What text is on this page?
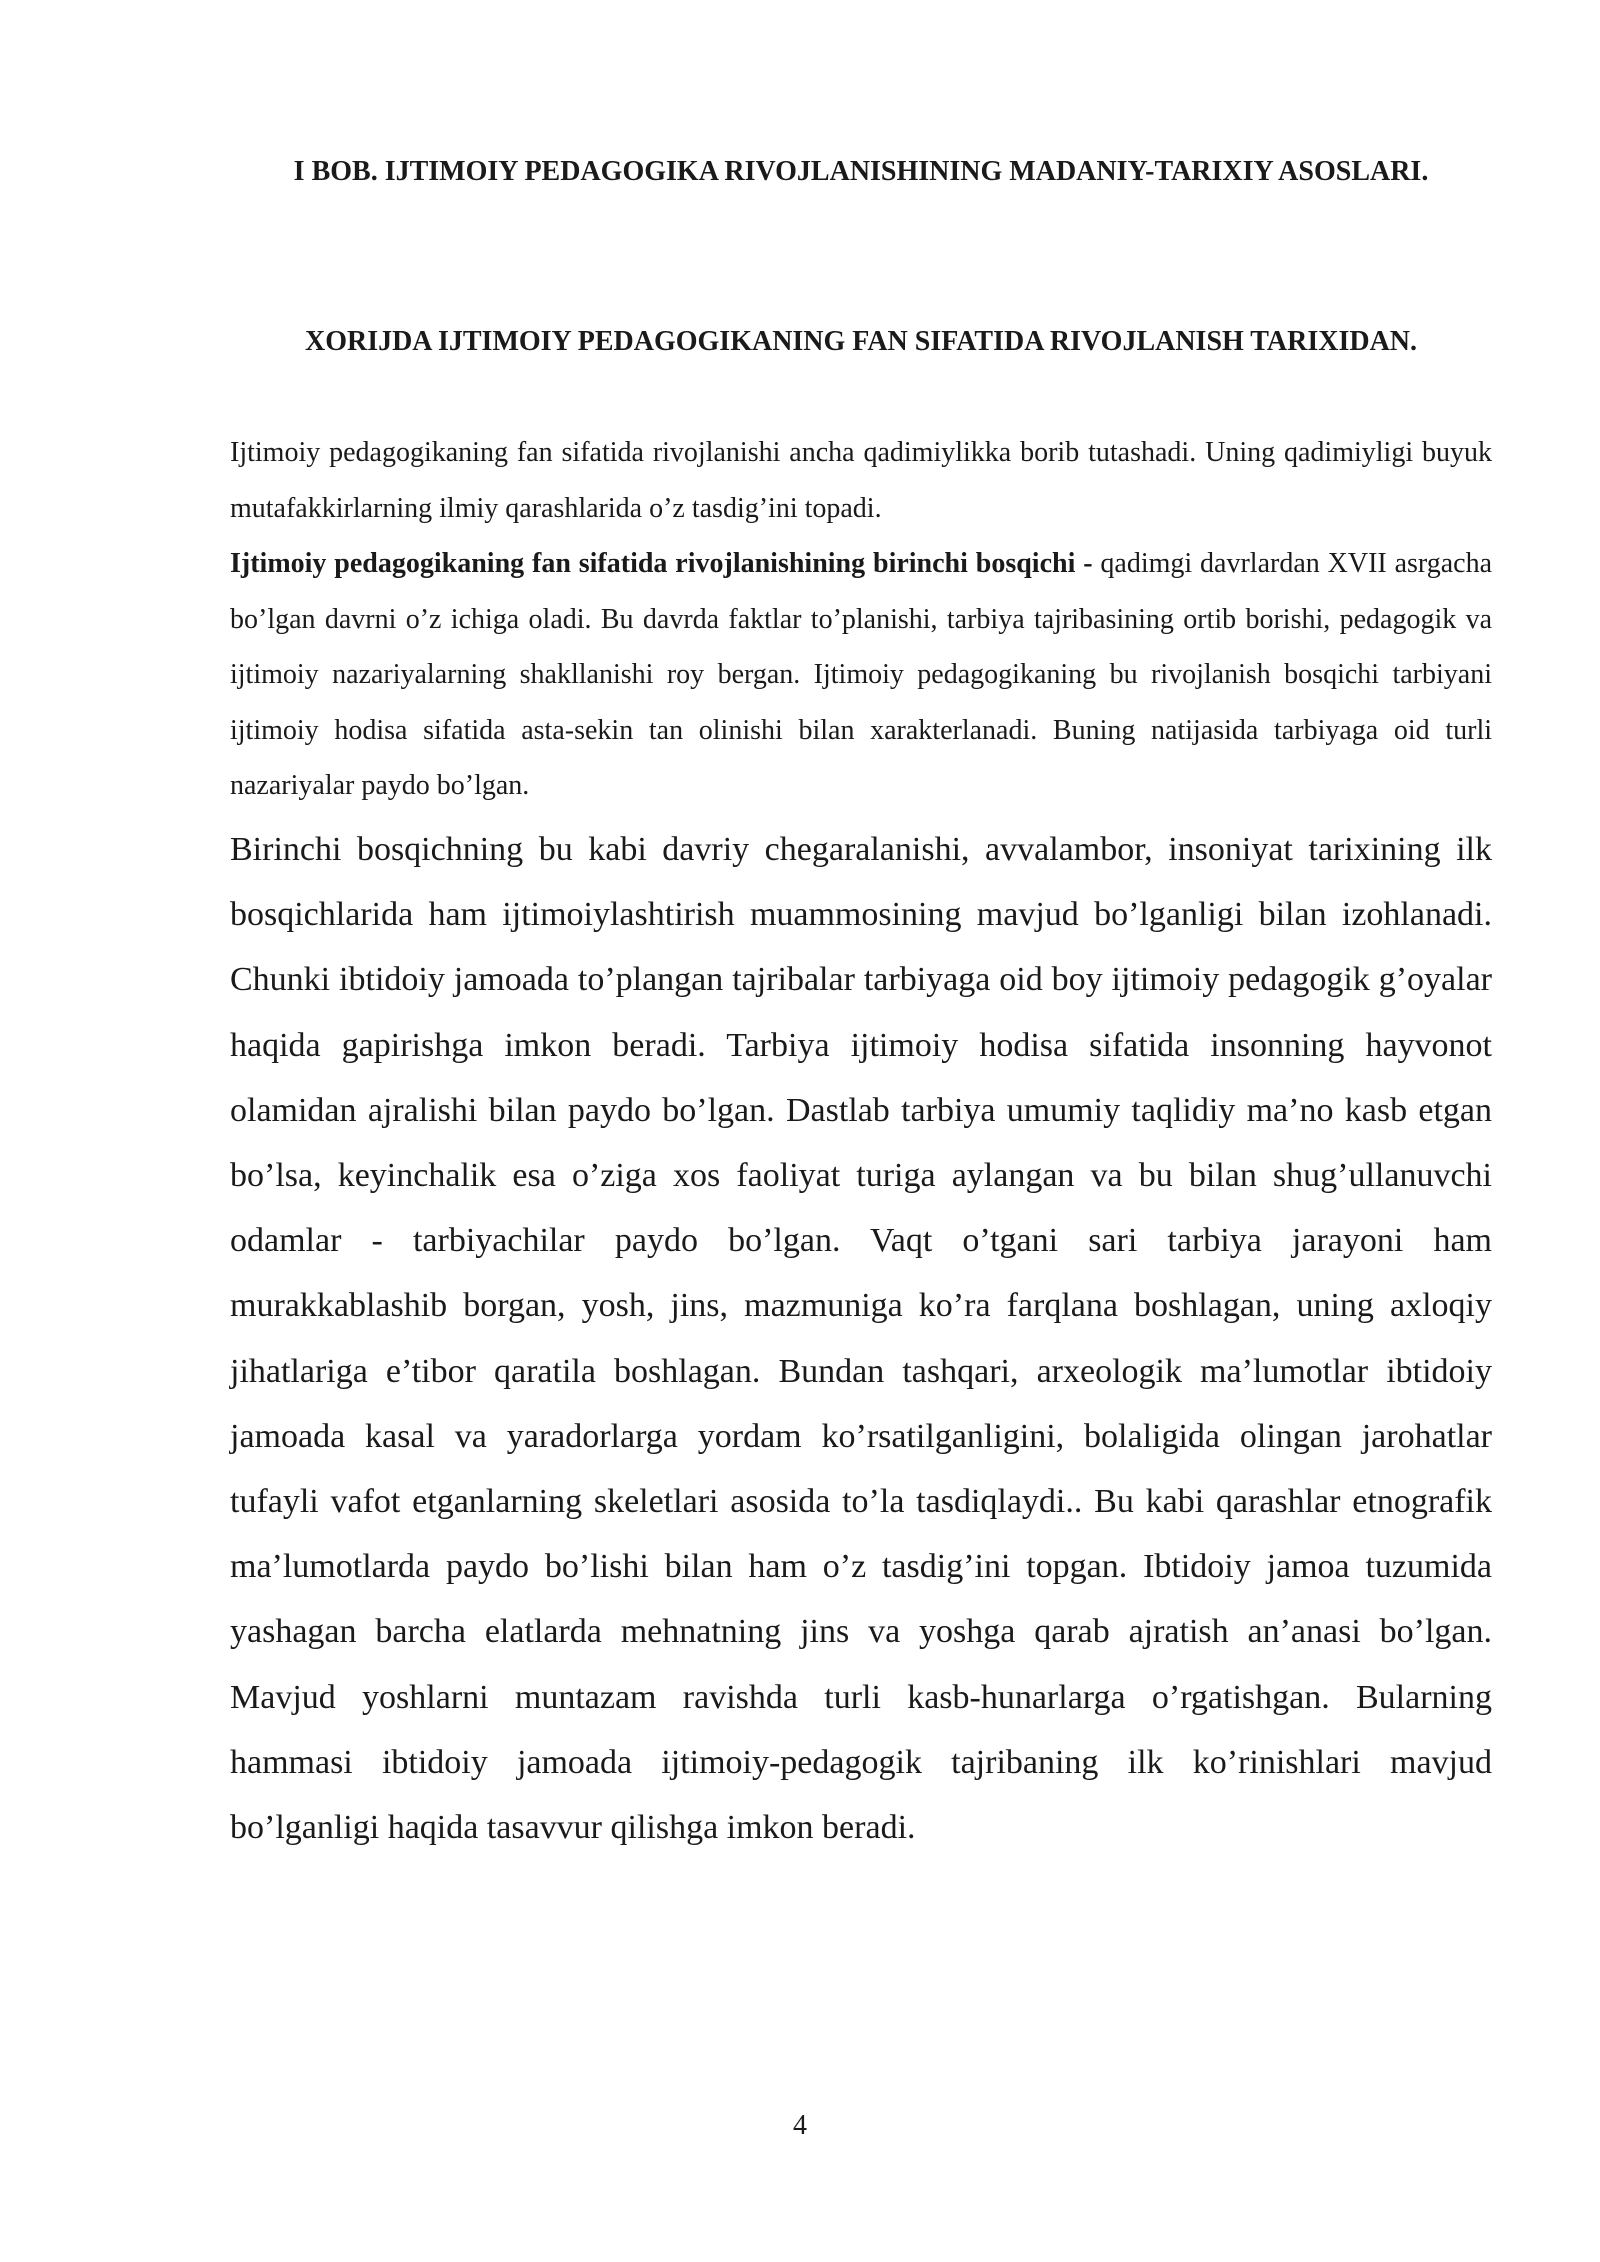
I BOB. IJTIMOIY PEDAGOGIKA RIVOJLANISHINING MADANIY-TARIXIY ASOSLARI.
XORIJDA IJTIMOIY PEDAGOGIKANING FAN SIFATIDA RIVOJLANISH TARIXIDAN.

Ijtimoiy pedagogikaning fan sifatida rivojlanishi ancha qadimiylikka borib tutashadi. Uning qadimiyligi buyuk mutafakkirlarning ilmiy qarashlarida o’z tasdig’ini topadi.

Ijtimoiy pedagogikaning fan sifatida rivojlanishining birinchi bosqichi - qadimgi davrlardan XVII asrgacha bo’lgan davrni o’z ichiga oladi. Bu davrda faktlar to’planishi, tarbiya tajribasining ortib borishi, pedagogik va ijtimoiy nazariyalarning shakllanishi roy bergan. Ijtimoiy pedagogikaning bu rivojlanish bosqichi tarbiyani ijtimoiy hodisa sifatida asta-sekin tan olinishi bilan xarakterlanadi. Buning natijasida tarbiyaga oid turli nazariyalar paydo bo’lgan.

Birinchi bosqichning bu kabi davriy chegaralanishi, avvalambor, insoniyat tarixining ilk bosqichlarida ham ijtimoiylashtirish muammosining mavjud bo’lganligi bilan izohlanadi. Chunki ibtidoiy jamoada to’plangan tajribalar tarbiyaga oid boy ijtimoiy pedagogik g’oyalar haqida gapirishga imkon beradi. Tarbiya ijtimoiy hodisa sifatida insonning hayvonot olamidan ajralishi bilan paydo bo’lgan. Dastlab tarbiya umumiy taqlidiy ma’no kasb etgan bo’lsa, keyinchalik esa o’ziga xos faoliyat turiga aylangan va bu bilan shug’ullanuvchi odamlar - tarbiyachilar paydo bo’lgan. Vaqt o’tgani sari tarbiya jarayoni ham murakkablashib borgan, yosh, jins, mazmuniga ko’ra farqlana boshlagan, uning axloqiy jihatlariga e’tibor qaratila boshlagan. Bundan tashqari, arxeologik ma’lumotlar ibtidoiy jamoada kasal va yaradorlarga yordam ko’rsatilganligini, bolaligida olingan jarohatlar tufayli vafot etganlarning skeletlari asosida to’la tasdiqlaydi.. Bu kabi qarashlar etnografik ma’lumotlarda paydo bo’lishi bilan ham o’z tasdig’ini topgan. Ibtidoiy jamoa tuzumida yashagan barcha elatlarda mehnatning jins va yoshga qarab ajratish an’anasi bo’lgan. Mavjud yoshlarni muntazam ravishda turli kasb-hunarlarga o’rgatishgan. Bularning hammasi ibtidoiy jamoada ijtimoiy-pedagogik tajribaning ilk ko’rinishlari mavjud bo’lganligi haqida tasavvur qilishga imkon beradi.

4
